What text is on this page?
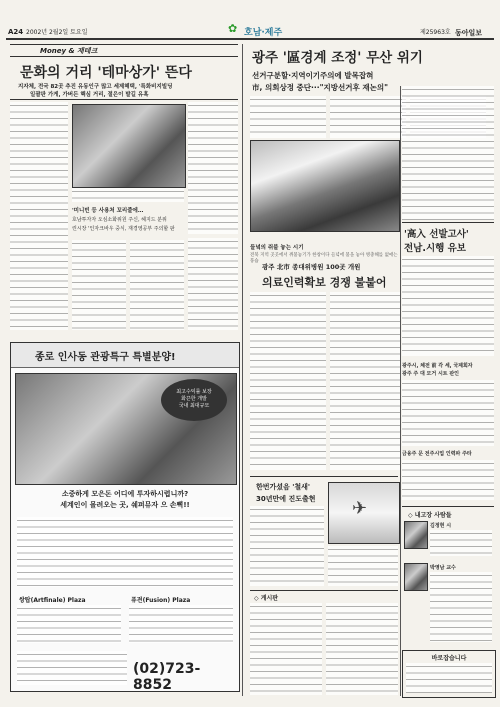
A24 2002년 2월2일 토요일	✿ 호남·제주	제25963호 동아일보
Money & 재테크
문화의 거리 '테마상가' 뜬다
지자체, 전국 82곳 추진 유동인구 많고 세제혜택, '특화비지빌딩
일괄판 가게, 가버든 핵심 거리, 절은이 발길 유혹
'미니빈 등 사용처 꼬리줄에…
호남투자자 오심소화위원 주신, 헤지드 분위
린시장 '인자크바우 중식, 재경영공부 주의할 판
종로 인사동 관광특구 특별분양!
최고수익률 보장
화끈한 개발
국내 최대규모
소중하게 모은돈 어디에 투자하시렵니까?
세계인이 몰려오는 곳, 쉐퍼뮤자 으 손뼉!!
쌍탑(Artfinale) Plaza	퓨젼(Fusion) Plaza
(02)723-8852
광주 '區경계 조정' 무산 위기
선거구분할·지역이기주의에 발목잡혀
市, 의회상정 중단···"지방선거후 재논의"
들녘의 쥐불 놓는 시기
전북 지역 곳곳에서 쥐불놓기가 한창이다 들녘에 불을 놓아 병충해를 없애는 풍습
광주 北市 종대위병원 100곳 개원
의료인력확보 경쟁 불붙어
'高入 선발고사'
전남.시행 유보
광주시, 체전 前 각 세, 국제회자
광주 주 대 모거 시트 판인
금융주 문 전주시업 인력파 주타
◇ 내고장 사람들
김정현 시
박영남 교수
바로잡습니다
한번가셨음 '철새'
30년만에 진도출현 ✈
◇ 게시판
